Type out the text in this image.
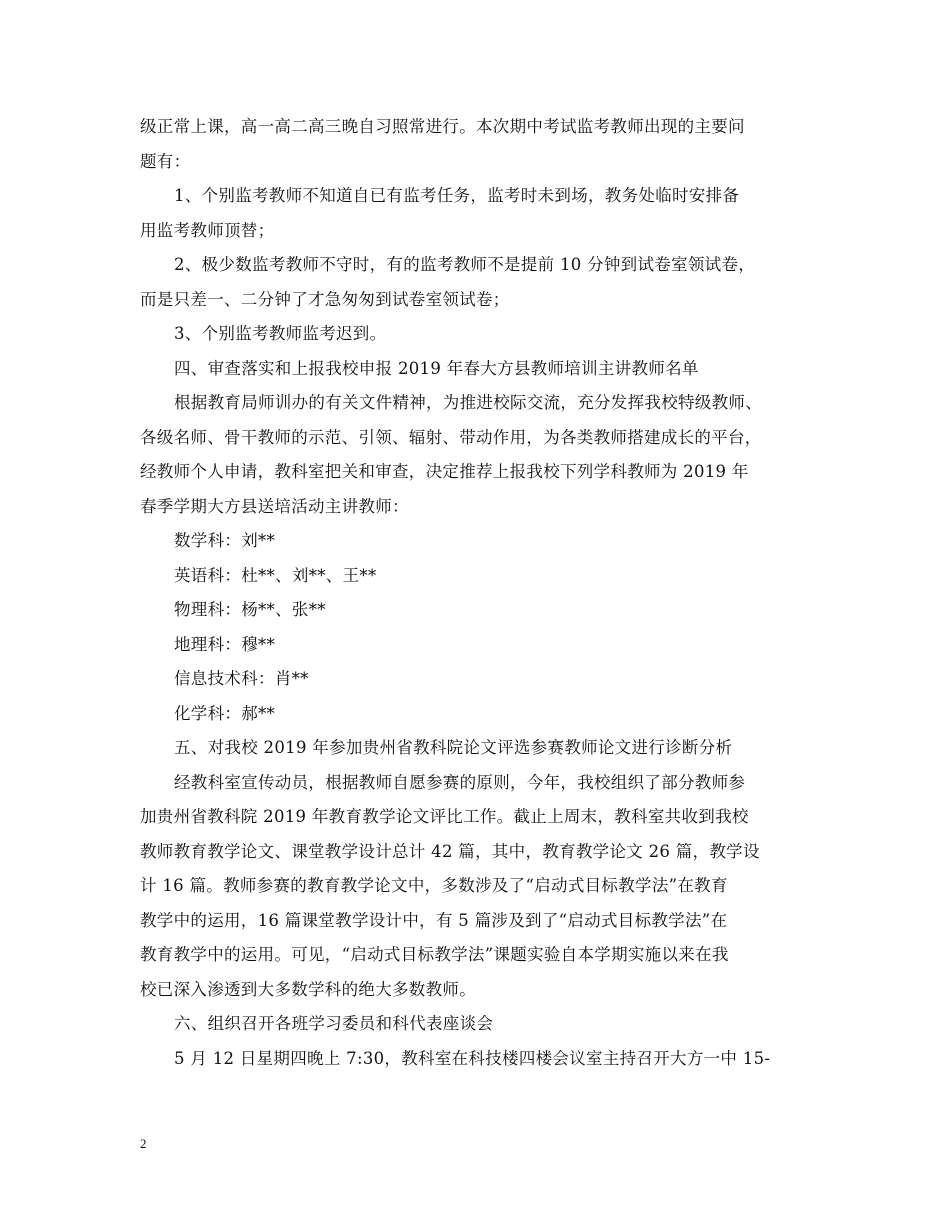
级正常上课，高一高二高三晚自习照常进行。本次期中考试监考教师出现的主要问

题有：

1、个别监考教师不知道自已有监考任务，监考时未到场，教务处临时安排备

用监考教师顶替；

2、极少数监考教师不守时，有的监考教师不是提前 10 分钟到试卷室领试卷，

而是只差一、二分钟了才急匆匆到试卷室领试卷；

3、个别监考教师监考迟到。

四、审查落实和上报我校申报 2019 年春大方县教师培训主讲教师名单

根据教育局师训办的有关文件精神，为推进校际交流，充分发挥我校特级教师、

各级名师、骨干教师的示范、引领、辐射、带动作用，为各类教师搭建成长的平台，

经教师个人申请，教科室把关和审查，决定推荐上报我校下列学科教师为 2019 年

春季学期大方县送培活动主讲教师：

数学科：刘**

英语科：杜**、刘**、王**

物理科：杨**、张**

地理科：穆**

信息技术科：肖**

化学科：郝**

五、对我校 2019 年参加贵州省教科院论文评选参赛教师论文进行诊断分析

经教科室宣传动员，根据教师自愿参赛的原则，今年，我校组织了部分教师参

加贵州省教科院 2019 年教育教学论文评比工作。截止上周末，教科室共收到我校

教师教育教学论文、课堂教学设计总计 42 篇，其中，教育教学论文 26 篇，教学设

计 16 篇。教师参赛的教育教学论文中，多数涉及了“启动式目标教学法”在教育

教学中的运用，16 篇课堂教学设计中，有 5 篇涉及到了“启动式目标教学法”在

教育教学中的运用。可见，“启动式目标教学法”课题实验自本学期实施以来在我

校已深入渗透到大多数学科的绝大多数教师。

六、组织召开各班学习委员和科代表座谈会

5 月 12 日星期四晚上 7:30，教科室在科技楼四楼会议室主持召开大方一中 15-

2
